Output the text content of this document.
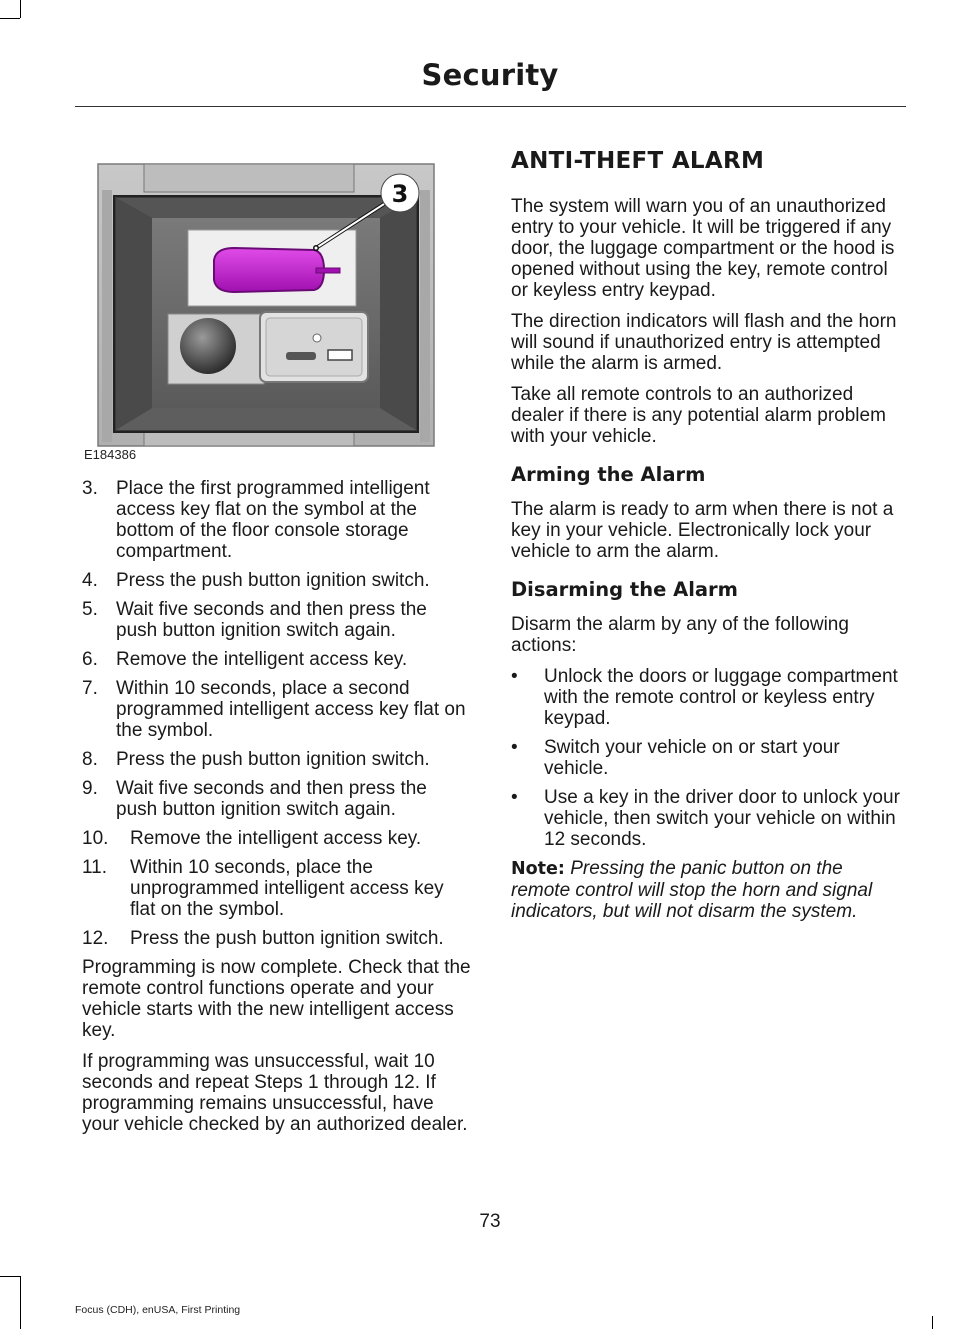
Security
3
E184386
3. Place the first programmed intelligent access key flat on the symbol at the bottom of the floor console storage compartment.
4. Press the push button ignition switch.
5. Wait five seconds and then press the push button ignition switch again.
6. Remove the intelligent access key.
7. Within 10 seconds, place a second programmed intelligent access key flat on the symbol.
8. Press the push button ignition switch.
9. Wait five seconds and then press the push button ignition switch again.
10. Remove the intelligent access key.
11. Within 10 seconds, place the unprogrammed intelligent access key flat on the symbol.
12. Press the push button ignition switch.

Programming is now complete. Check that the remote control functions operate and your vehicle starts with the new intelligent access key.

If programming was unsuccessful, wait 10 seconds and repeat Steps 1 through 12. If programming remains unsuccessful, have your vehicle checked by an authorized dealer.

ANTI-THEFT ALARM

The system will warn you of an unauthorized entry to your vehicle. It will be triggered if any door, the luggage compartment or the hood is opened without using the key, remote control or keyless entry keypad.

The direction indicators will flash and the horn will sound if unauthorized entry is attempted while the alarm is armed.

Take all remote controls to an authorized dealer if there is any potential alarm problem with your vehicle.

Arming the Alarm

The alarm is ready to arm when there is not a key in your vehicle. Electronically lock your vehicle to arm the alarm.

Disarming the Alarm

Disarm the alarm by any of the following actions:

• Unlock the doors or luggage compartment with the remote control or keyless entry keypad.
• Switch your vehicle on or start your vehicle.
• Use a key in the driver door to unlock your vehicle, then switch your vehicle on within 12 seconds.

Note: Pressing the panic button on the remote control will stop the horn and signal indicators, but will not disarm the system.

73
Focus (CDH), enUSA, First Printing
